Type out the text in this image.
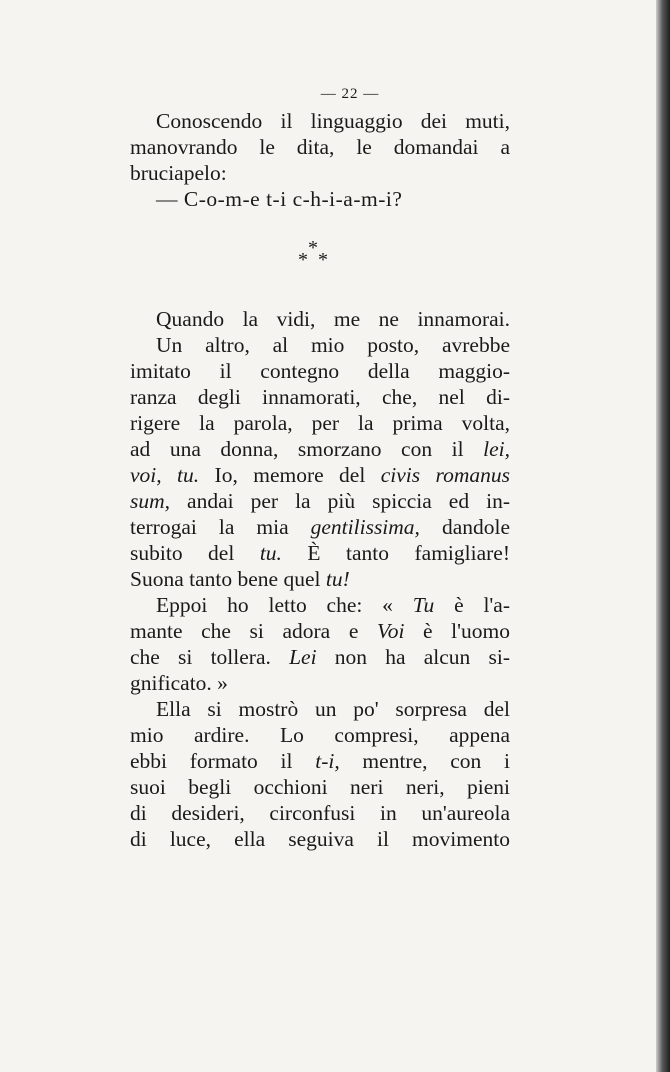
— 22 —
Conoscendo il linguaggio dei muti,
manovrando le dita, le domandai a
bruciapelo:
— C-o-m-e t-i c-h-i-a-m-i?
*
* *
Quando la vidi, me ne innamorai.
Un altro, al mio posto, avrebbe
imitato il contegno della maggio-
ranza degli innamorati, che, nel di-
rigere la parola, per la prima volta,
ad una donna, smorzano con il lei,
voi, tu. Io, memore del civis romanus
sum, andai per la più spiccia ed in-
terrogai la mia gentilissima, dandole
subito del tu. È tanto famigliare!
Suona tanto bene quel tu!
Eppoi ho letto che: « Tu è l'a-
mante che si adora e Voi è l'uomo
che si tollera. Lei non ha alcun si-
gnificato. »
Ella si mostrò un po' sorpresa del
mio ardire. Lo compresi, appena
ebbi formato il t-i, mentre, con i
suoi begli occhioni neri neri, pieni
di desideri, circonfusi in un'aureola
di luce, ella seguiva il movimento
